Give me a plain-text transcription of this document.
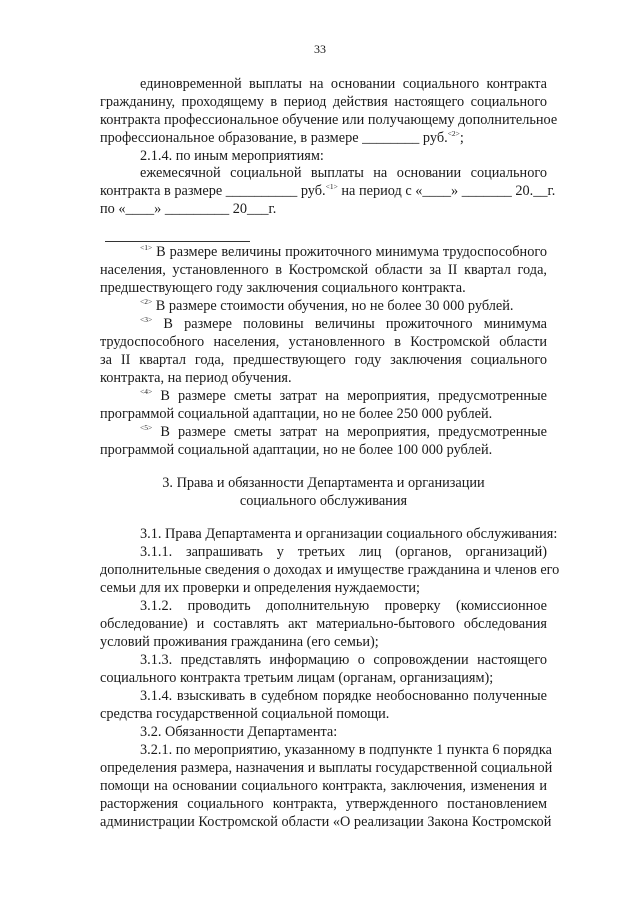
33
единовременной выплаты на основании социального контракта
гражданину, проходящему в период действия настоящего социального
контракта профессиональное обучение или получающему дополнительное
профессиональное образование, в размере ________ руб.$^{<2>}$;
2.1.4. по иным мероприятиям:
ежемесячной социальной выплаты на основании социального
контракта в размере __________ руб.$^{<1>}$ на период с «____» _______ 20.__г.
по «____» _________ 20___г.
$^{<1>}$ В размере величины прожиточного минимума трудоспособного
населения, установленного в Костромской области за II квартал года,
предшествующего году заключения социального контракта.
$^{<2>}$ В размере стоимости обучения, но не более 30 000 рублей.
$^{<3>}$ В размере половины величины прожиточного минимума
трудоспособного населения, установленного в Костромской области
за II квартал года, предшествующего году заключения социального
контракта, на период обучения.
$^{<4>}$ В размере сметы затрат на мероприятия, предусмотренные
программой социальной адаптации, но не более 250 000 рублей.
$^{<5>}$ В размере сметы затрат на мероприятия, предусмотренные
программой социальной адаптации, но не более 100 000 рублей.
3. Права и обязанности Департамента и организации
социального обслуживания
3.1. Права Департамента и организации социального обслуживания:
3.1.1. запрашивать у третьих лиц (органов, организаций)
дополнительные сведения о доходах и имуществе гражданина и членов его
семьи для их проверки и определения нуждаемости;
3.1.2. проводить дополнительную проверку (комиссионное
обследование) и составлять акт материально-бытового обследования
условий проживания гражданина (его семьи);
3.1.3. представлять информацию о сопровождении настоящего
социального контракта третьим лицам (органам, организациям);
3.1.4. взыскивать в судебном порядке необоснованно полученные
средства государственной социальной помощи.
3.2. Обязанности Департамента:
3.2.1. по мероприятию, указанному в подпункте 1 пункта 6 порядка
определения размера, назначения и выплаты государственной социальной
помощи на основании социального контракта, заключения, изменения и
расторжения социального контракта, утвержденного постановлением
администрации Костромской области «О реализации Закона Костромской
